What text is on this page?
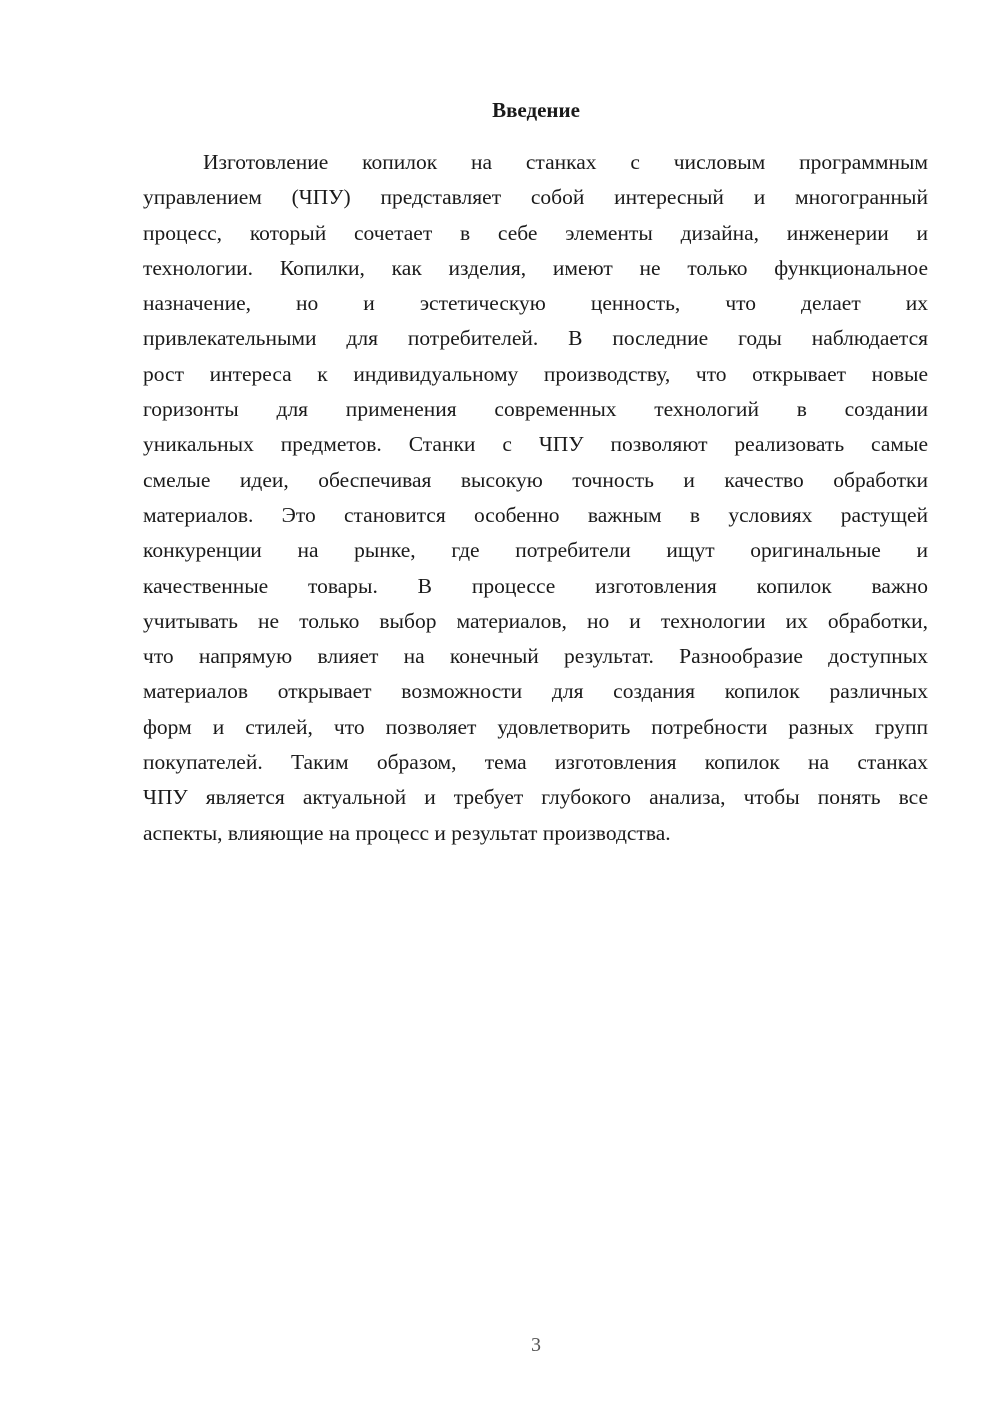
Введение
Изготовление копилок на станках с числовым программным
управлением (ЧПУ) представляет собой интересный и многогранный
процесс, который сочетает в себе элементы дизайна, инженерии и
технологии. Копилки, как изделия, имеют не только функциональное
назначение, но и эстетическую ценность, что делает их
привлекательными для потребителей. В последние годы наблюдается
рост интереса к индивидуальному производству, что открывает новые
горизонты для применения современных технологий в создании
уникальных предметов. Станки с ЧПУ позволяют реализовать самые
смелые идеи, обеспечивая высокую точность и качество обработки
материалов. Это становится особенно важным в условиях растущей
конкуренции на рынке, где потребители ищут оригинальные и
качественные товары. В процессе изготовления копилок важно
учитывать не только выбор материалов, но и технологии их обработки,
что напрямую влияет на конечный результат. Разнообразие доступных
материалов открывает возможности для создания копилок различных
форм и стилей, что позволяет удовлетворить потребности разных групп
покупателей. Таким образом, тема изготовления копилок на станках
ЧПУ является актуальной и требует глубокого анализа, чтобы понять все
аспекты, влияющие на процесс и результат производства.
3
